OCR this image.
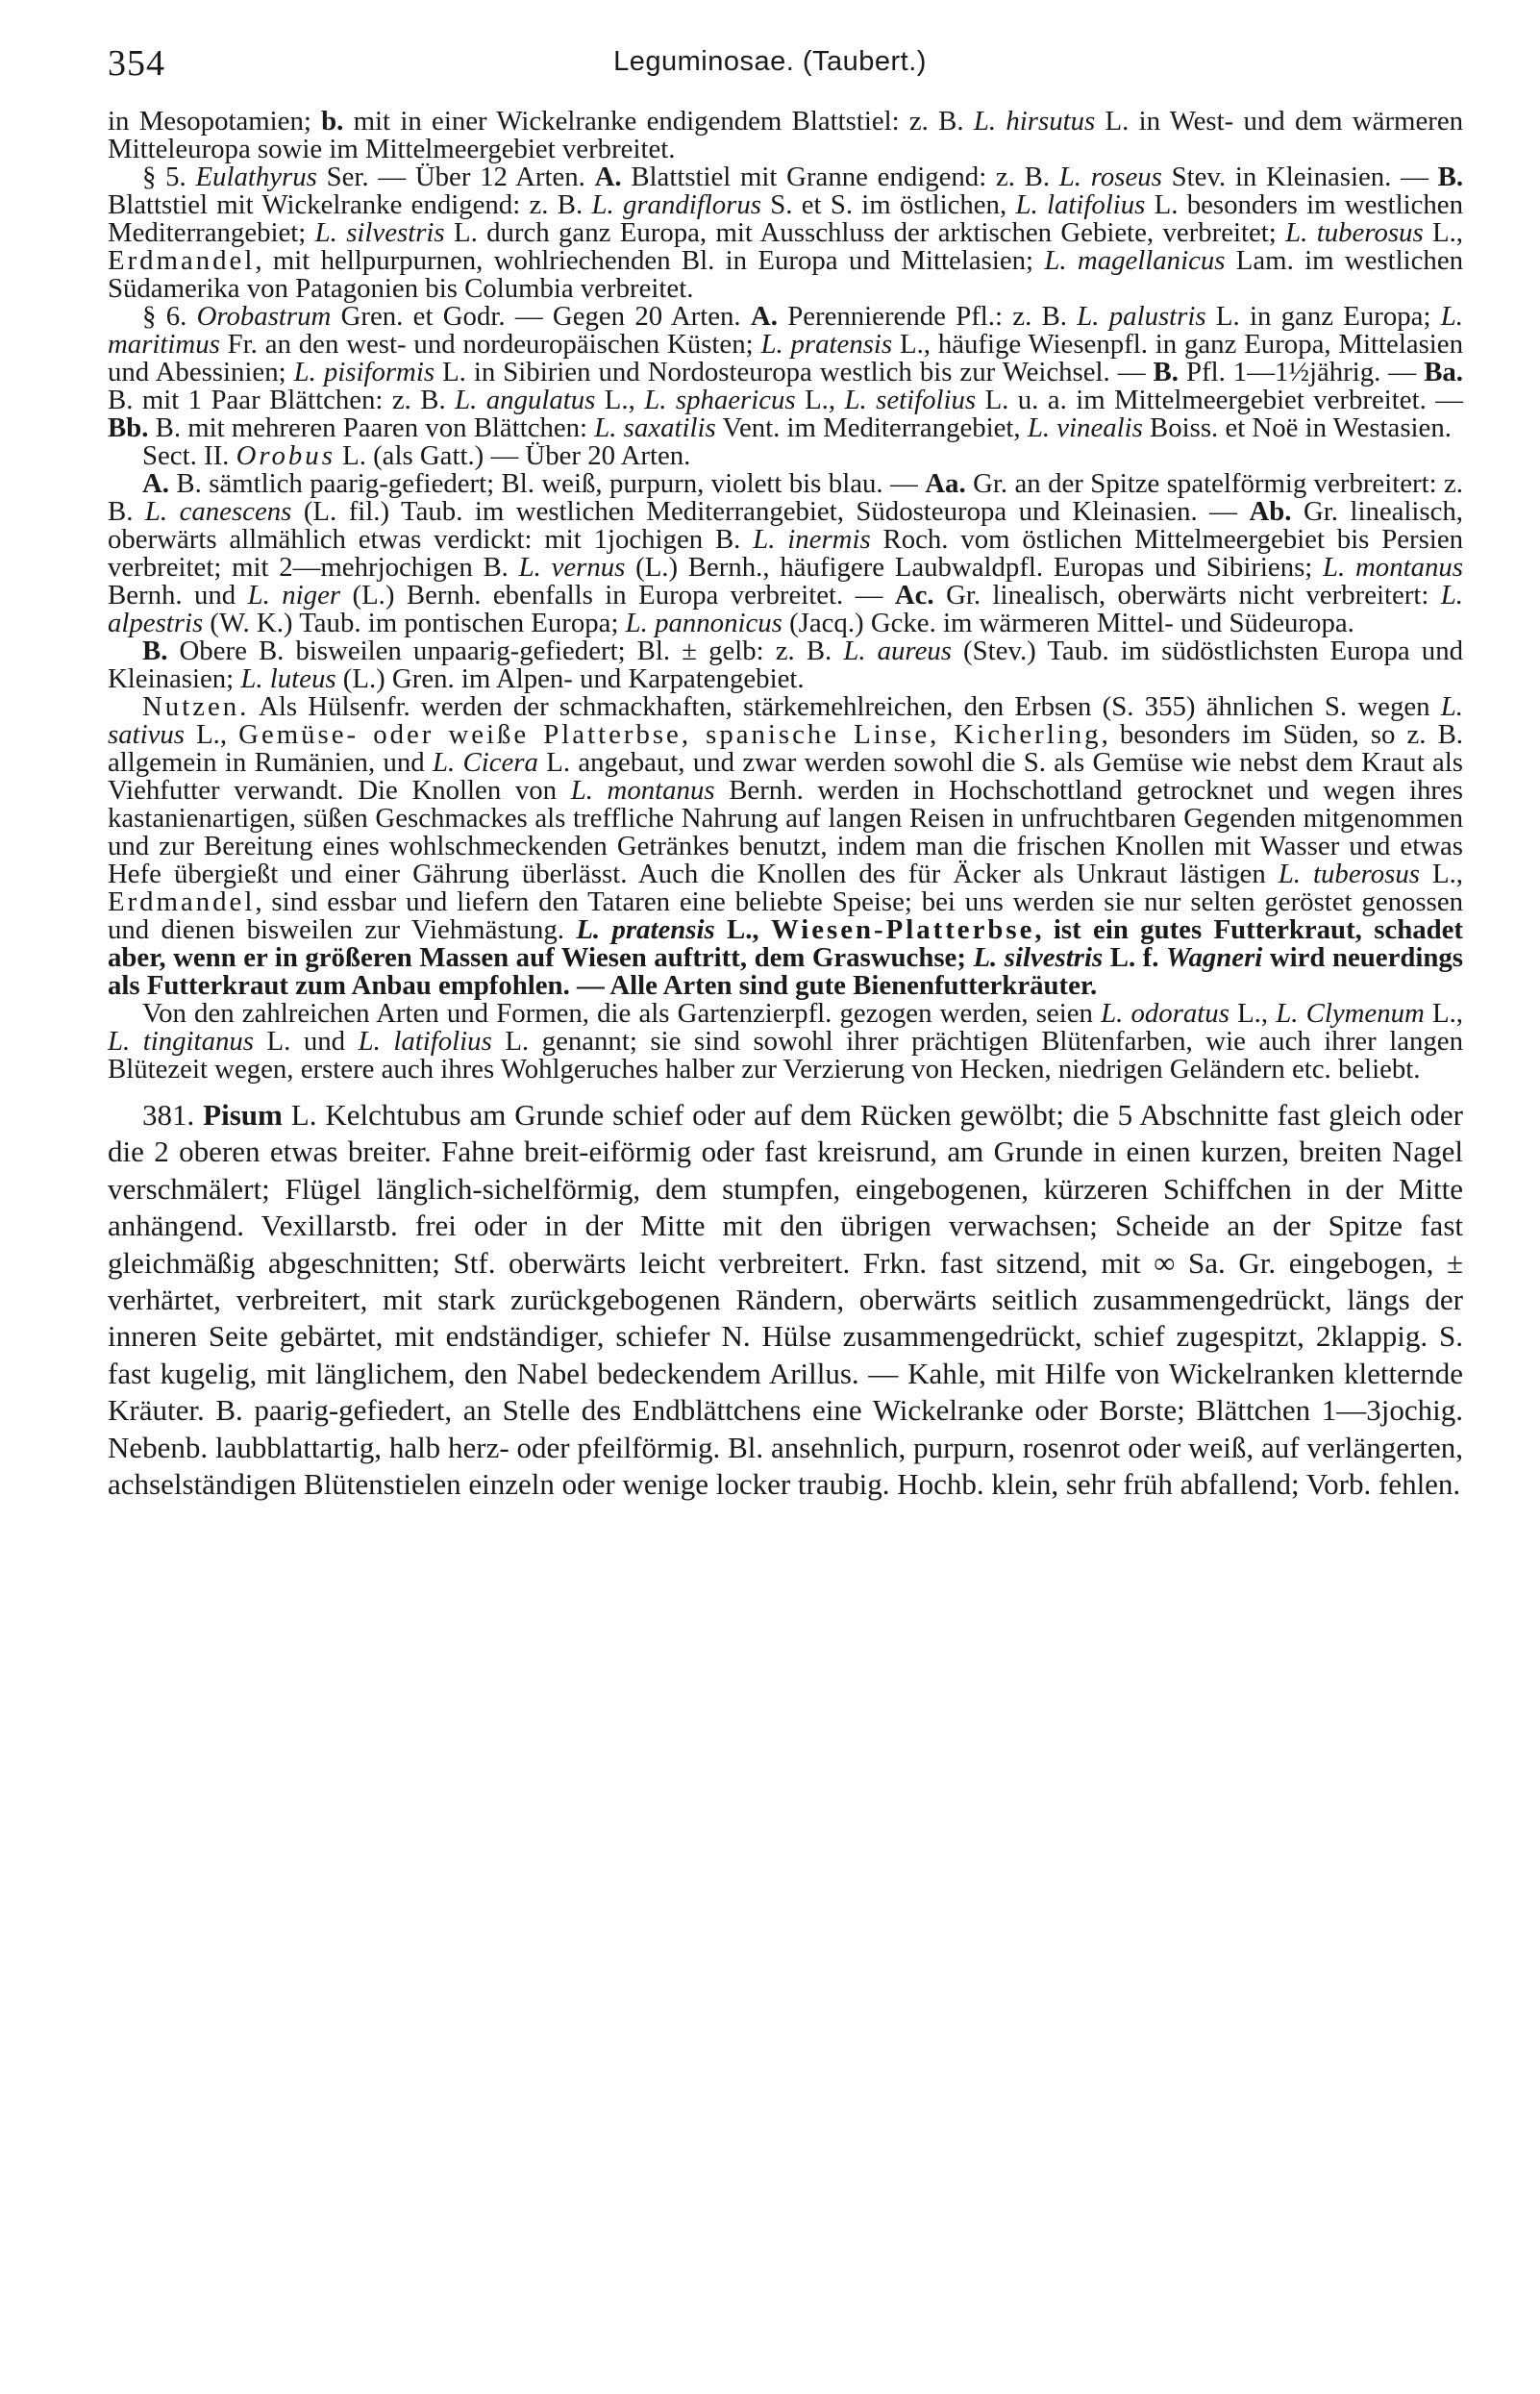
354	Leguminosae. (Taubert.)

in Mesopotamien; b. mit in einer Wickelranke endigendem Blattstiel: z. B. L. hirsutus L. in West- und dem wärmeren Mitteleuropa sowie im Mittelmeergebiet verbreitet.

§ 5. Eulathyrus Ser. — Über 12 Arten. A. Blattstiel mit Granne endigend: z. B. L. roseus Stev. in Kleinasien. — B. Blattstiel mit Wickelranke endigend: z. B. L. grandiflorus S. et S. im östlichen, L. latifolius L. besonders im westlichen Mediterrangebiet; L. silvestris L. durch ganz Europa, mit Ausschluss der arktischen Gebiete, verbreitet; L. tuberosus L., Erdmandel, mit hellpurpurnen, wohlriechenden Bl. in Europa und Mittelasien; L. magellanicus Lam. im westlichen Südamerika von Patagonien bis Columbia verbreitet.

§ 6. Orobastrum Gren. et Godr. — Gegen 20 Arten. A. Perennierende Pfl.: z. B. L. palustris L. in ganz Europa; L. maritimus Fr. an den west- und nordeuropäischen Küsten; L. pratensis L., häufige Wiesenpfl. in ganz Europa, Mittelasien und Abessinien; L. pisiformis L. in Sibirien und Nordosteuropa westlich bis zur Weichsel. — B. Pfl. 1—1½jährig. — Ba. B. mit 1 Paar Blättchen: z. B. L. angulatus L., L. sphaericus L., L. setifolius L. u. a. im Mittelmeergebiet verbreitet. — Bb. B. mit mehreren Paaren von Blättchen: L. saxatilis Vent. im Mediterrangebiet, L. vinealis Boiss. et Noë in Westasien.

Sect. II. Orobus L. (als Gatt.) — Über 20 Arten.

A. B. sämtlich paarig-gefiedert; Bl. weiß, purpurn, violett bis blau. — Aa. Gr. an der Spitze spatelförmig verbreitert: z. B. L. canescens (L. fil.) Taub. im westlichen Mediterrangebiet, Südosteuropa und Kleinasien. — Ab. Gr. linealisch, oberwärts allmählich etwas verdickt: mit 1jochigen B. L. inermis Roch. vom östlichen Mittelmeergebiet bis Persien verbreitet; mit 2—mehrjochigen B. L. vernus (L.) Bernh., häufigere Laubwaldpfl. Europas und Sibiriens; L. montanus Bernh. und L. niger (L.) Bernh. ebenfalls in Europa verbreitet. — Ac. Gr. linealisch, oberwärts nicht verbreitert: L. alpestris (W. K.) Taub. im pontischen Europa; L. pannonicus (Jacq.) Gcke. im wärmeren Mittel- und Südeuropa.

B. Obere B. bisweilen unpaarig-gefiedert; Bl. ± gelb: z. B. L. aureus (Stev.) Taub. im südöstlichsten Europa und Kleinasien; L. luteus (L.) Gren. im Alpen- und Karpatengebiet.

Nutzen. Als Hülsenfr. werden der schmackhaften, stärkemehlreichen, den Erbsen (S. 355) ähnlichen S. wegen L. sativus L., Gemüse- oder weiße Platterbse, spanische Linse, Kicherling, besonders im Süden, so z. B. allgemein in Rumänien, und L. Cicera L. angebaut, und zwar werden sowohl die S. als Gemüse wie nebst dem Kraut als Viehfutter verwandt. Die Knollen von L. montanus Bernh. werden in Hochschottland getrocknet und wegen ihres kastanienartigen, süßen Geschmackes als treffliche Nahrung auf langen Reisen in unfruchtbaren Gegenden mitgenommen und zur Bereitung eines wohlschmeckenden Getränkes benutzt, indem man die frischen Knollen mit Wasser und etwas Hefe übergießt und einer Gährung überlässt. Auch die Knollen des für Äcker als Unkraut lästigen L. tuberosus L., Erdmandel, sind essbar und liefern den Tataren eine beliebte Speise; bei uns werden sie nur selten geröstet genossen und dienen bisweilen zur Viehmästung. L. pratensis L., Wiesen-Platterbse, ist ein gutes Futterkraut, schadet aber, wenn er in größeren Massen auf Wiesen auftritt, dem Graswuchse; L. silvestris L. f. Wagneri wird neuerdings als Futterkraut zum Anbau empfohlen. — Alle Arten sind gute Bienenfutterkräuter.

Von den zahlreichen Arten und Formen, die als Gartenzierpfl. gezogen werden, seien L. odoratus L., L. Clymenum L., L. tingitanus L. und L. latifolius L. genannt; sie sind sowohl ihrer prächtigen Blütenfarben, wie auch ihrer langen Blütezeit wegen, erstere auch ihres Wohlgeruches halber zur Verzierung von Hecken, niedrigen Geländern etc. beliebt.

381. Pisum L. Kelchtubus am Grunde schief oder auf dem Rücken gewölbt; die 5 Abschnitte fast gleich oder die 2 oberen etwas breiter. Fahne breit-eiförmig oder fast kreisrund, am Grunde in einen kurzen, breiten Nagel verschmälert; Flügel länglich-sichelförmig, dem stumpfen, eingebogenen, kürzeren Schiffchen in der Mitte anhängend. Vexillarstb. frei oder in der Mitte mit den übrigen verwachsen; Scheide an der Spitze fast gleichmäßig abgeschnitten; Stf. oberwärts leicht verbreitert. Frkn. fast sitzend, mit ∞ Sa. Gr. eingebogen, ± verhärtet, verbreitert, mit stark zurückgebogenen Rändern, oberwärts seitlich zusammengedrückt, längs der inneren Seite gebärtet, mit endständiger, schiefer N. Hülse zusammengedrückt, schief zugespitzt, 2klappig. S. fast kugelig, mit länglichem, den Nabel bedeckendem Arillus. — Kahle, mit Hilfe von Wickelranken kletternde Kräuter. B. paarig-gefiedert, an Stelle des Endblättchens eine Wickelranke oder Borste; Blättchen 1—3jochig. Nebenb. laubblattartig, halb herz- oder pfeilförmig. Bl. ansehnlich, purpurn, rosenrot oder weiß, auf verlängerten, achselständigen Blütenstielen einzeln oder wenige locker traubig. Hochb. klein, sehr früh abfallend; Vorb. fehlen.
